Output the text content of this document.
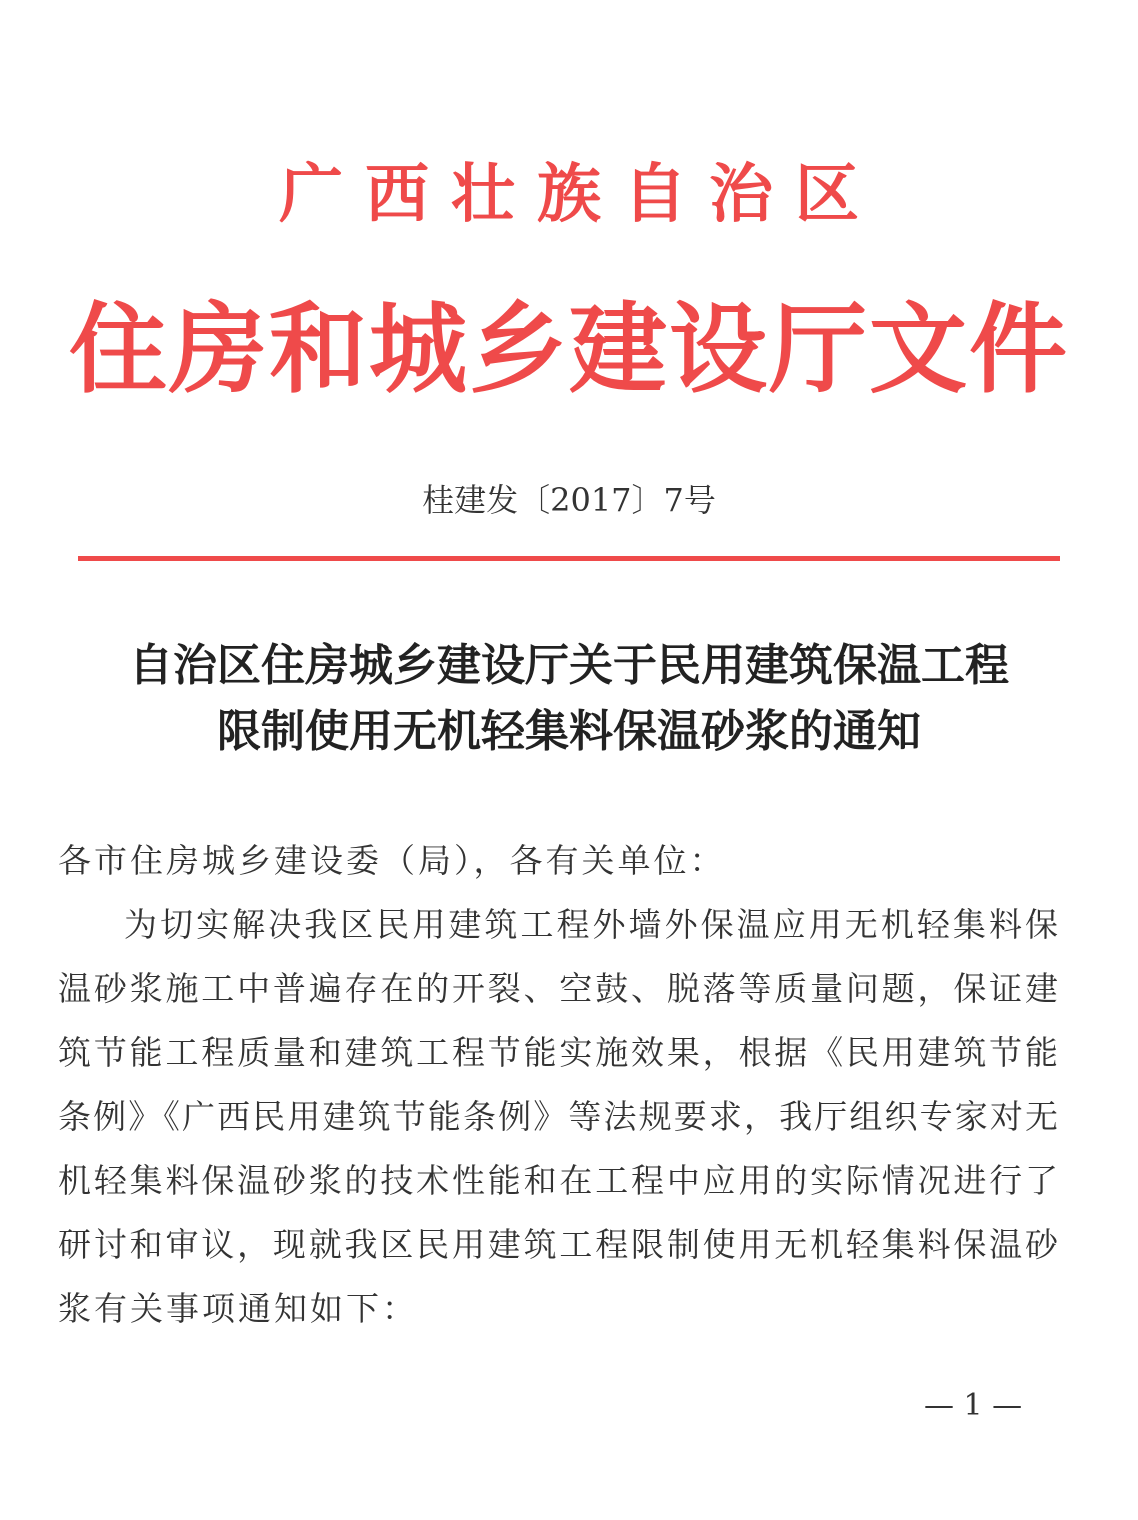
广西壮族自治区
住房和城乡建设厅文件
桂建发〔2017〕7号
自治区住房城乡建设厅关于民用建筑保温工程
限制使用无机轻集料保温砂浆的通知
各市住房城乡建设委（局），各有关单位：
为切实解决我区民用建筑工程外墙外保温应用无机轻集料保
温砂浆施工中普遍存在的开裂、空鼓、脱落等质量问题，保证建
筑节能工程质量和建筑工程节能实施效果，根据《民用建筑节能
条例》《广西民用建筑节能条例》等法规要求，我厅组织专家对无
机轻集料保温砂浆的技术性能和在工程中应用的实际情况进行了
研讨和审议，现就我区民用建筑工程限制使用无机轻集料保温砂
浆有关事项通知如下：
— 1 —
